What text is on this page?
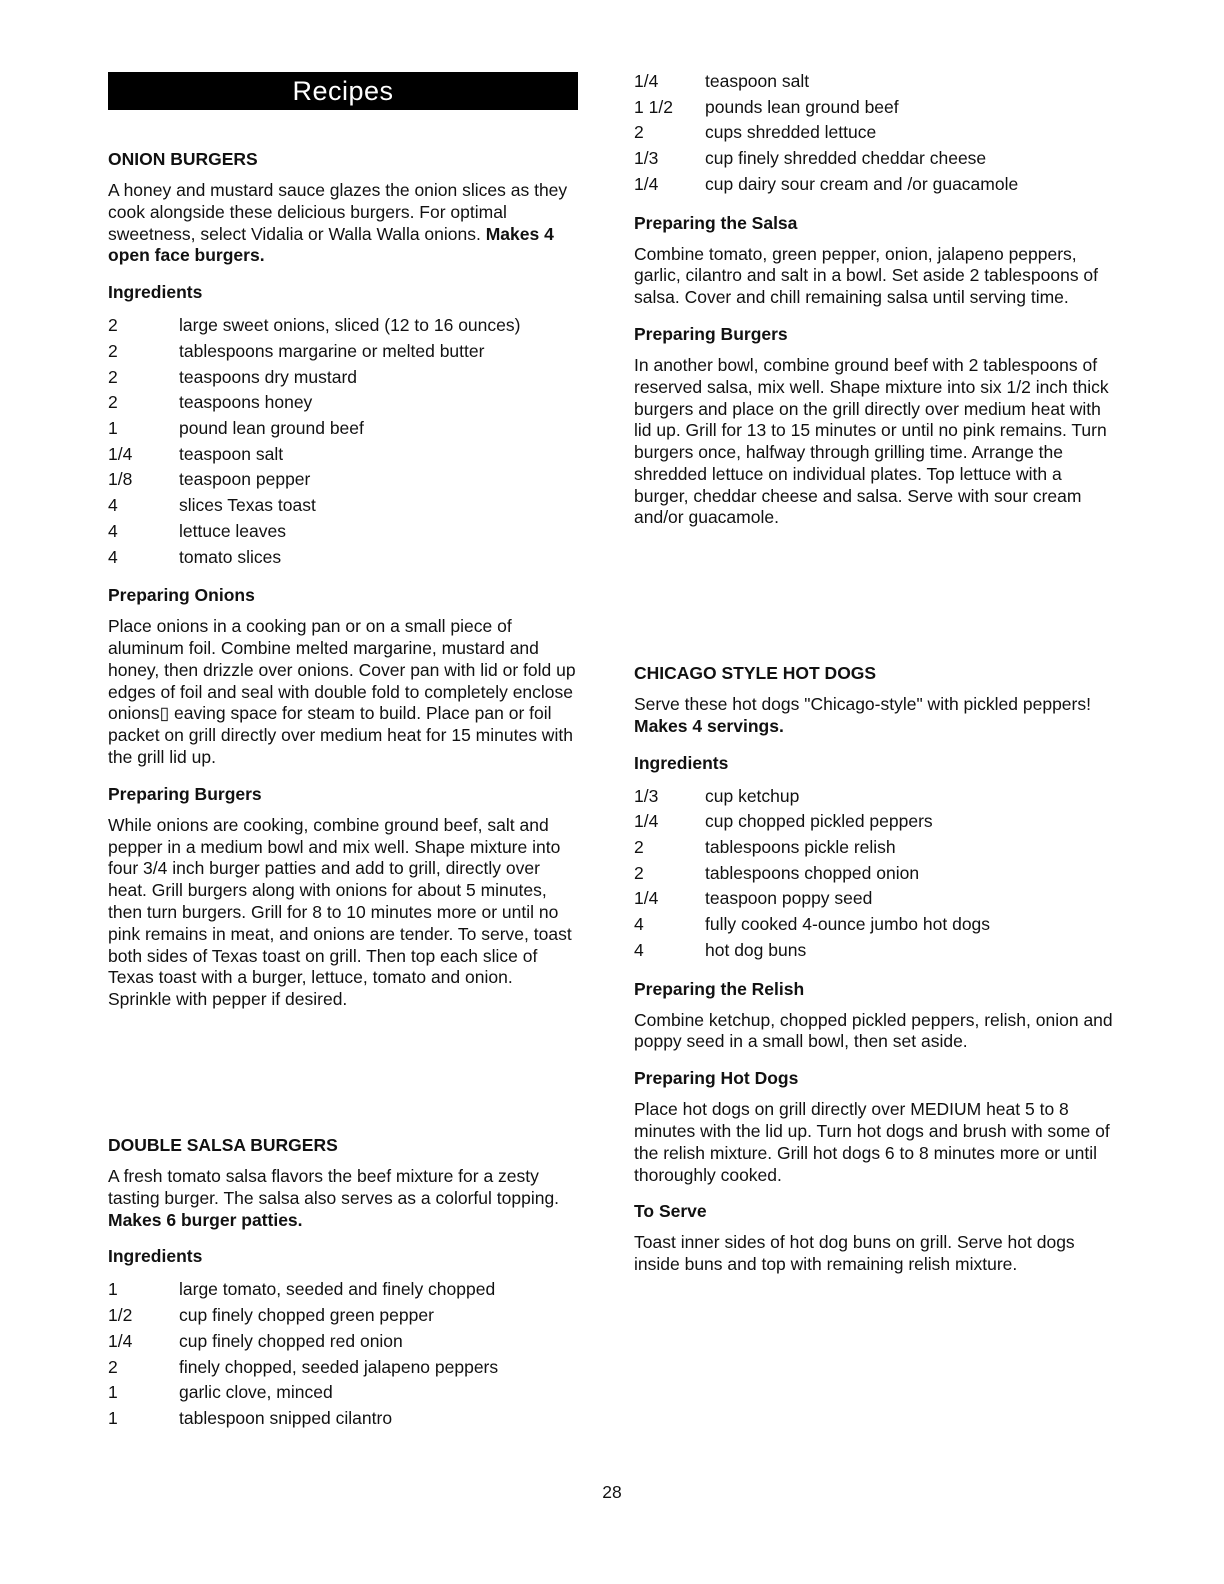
Recipes
ONION BURGERS

A honey and mustard sauce glazes the onion slices as they cook alongside these delicious burgers. For optimal sweetness, select Vidalia or Walla Walla onions. Makes 4 open face burgers.

Ingredients
2	large sweet onions, sliced (12 to 16 ounces)
2	tablespoons margarine or melted butter
2	teaspoons dry mustard
2	teaspoons honey
1	pound lean ground beef
1/4	teaspoon salt
1/8	teaspoon pepper
4	slices Texas toast
4	lettuce leaves
4	tomato slices
Preparing Onions

Place onions in a cooking pan or on a small piece of aluminum foil. Combine melted margarine, mustard and honey, then drizzle over onions. Cover pan with lid or fold up edges of foil and seal with double fold to completely enclose onions▯ eaving space for steam to build. Place pan or foil packet on grill directly over medium heat for 15 minutes with the grill lid up.

Preparing Burgers

While onions are cooking, combine ground beef, salt and pepper in a medium bowl and mix well. Shape mixture into four 3/4 inch burger patties and add to grill, directly over heat. Grill burgers along with onions for about 5 minutes, then turn burgers. Grill for 8 to 10 minutes more or until no pink remains in meat, and onions are tender. To serve, toast both sides of Texas toast on grill. Then top each slice of Texas toast with a burger, lettuce, tomato and onion. Sprinkle with pepper if desired.

DOUBLE SALSA BURGERS

A fresh tomato salsa flavors the beef mixture for a zesty tasting burger. The salsa also serves as a colorful topping. Makes 6 burger patties.

Ingredients
1	large tomato, seeded and finely chopped
1/2	cup finely chopped green pepper
1/4	cup finely chopped red onion
2	finely chopped, seeded jalapeno peppers
1	garlic clove, minced
1	tablespoon snipped cilantro
1/4	teaspoon salt
1 1/2	pounds lean ground beef
2	cups shredded lettuce
1/3	cup finely shredded cheddar cheese
1/4	cup dairy sour cream and /or guacamole
Preparing the Salsa

Combine tomato, green pepper, onion, jalapeno peppers, garlic, cilantro and salt in a bowl. Set aside 2 tablespoons of salsa. Cover and chill remaining salsa until serving time.

Preparing Burgers

In another bowl, combine ground beef with 2 tablespoons of reserved salsa, mix well. Shape mixture into six 1/2 inch thick burgers and place on the grill directly over medium heat with lid up. Grill for 13 to 15 minutes or until no pink remains. Turn burgers once, halfway through grilling time. Arrange the shredded lettuce on individual plates. Top lettuce with a burger, cheddar cheese and salsa. Serve with sour cream and/or guacamole.

CHICAGO STYLE HOT DOGS

Serve these hot dogs "Chicago-style" with pickled peppers! Makes 4 servings.

Ingredients
1/3	cup ketchup
1/4	cup chopped pickled peppers
2	tablespoons pickle relish
2	tablespoons chopped onion
1/4	teaspoon poppy seed
4	fully cooked 4-ounce jumbo hot dogs
4	hot dog buns
Preparing the Relish

Combine ketchup, chopped pickled peppers, relish, onion and poppy seed in a small bowl, then set aside.

Preparing Hot Dogs

Place hot dogs on grill directly over MEDIUM heat 5 to 8 minutes with the lid up. Turn hot dogs and brush with some of the relish mixture. Grill hot dogs 6 to 8 minutes more or until thoroughly cooked.

To Serve

Toast inner sides of hot dog buns on grill. Serve hot dogs inside buns and top with remaining relish mixture.

28
